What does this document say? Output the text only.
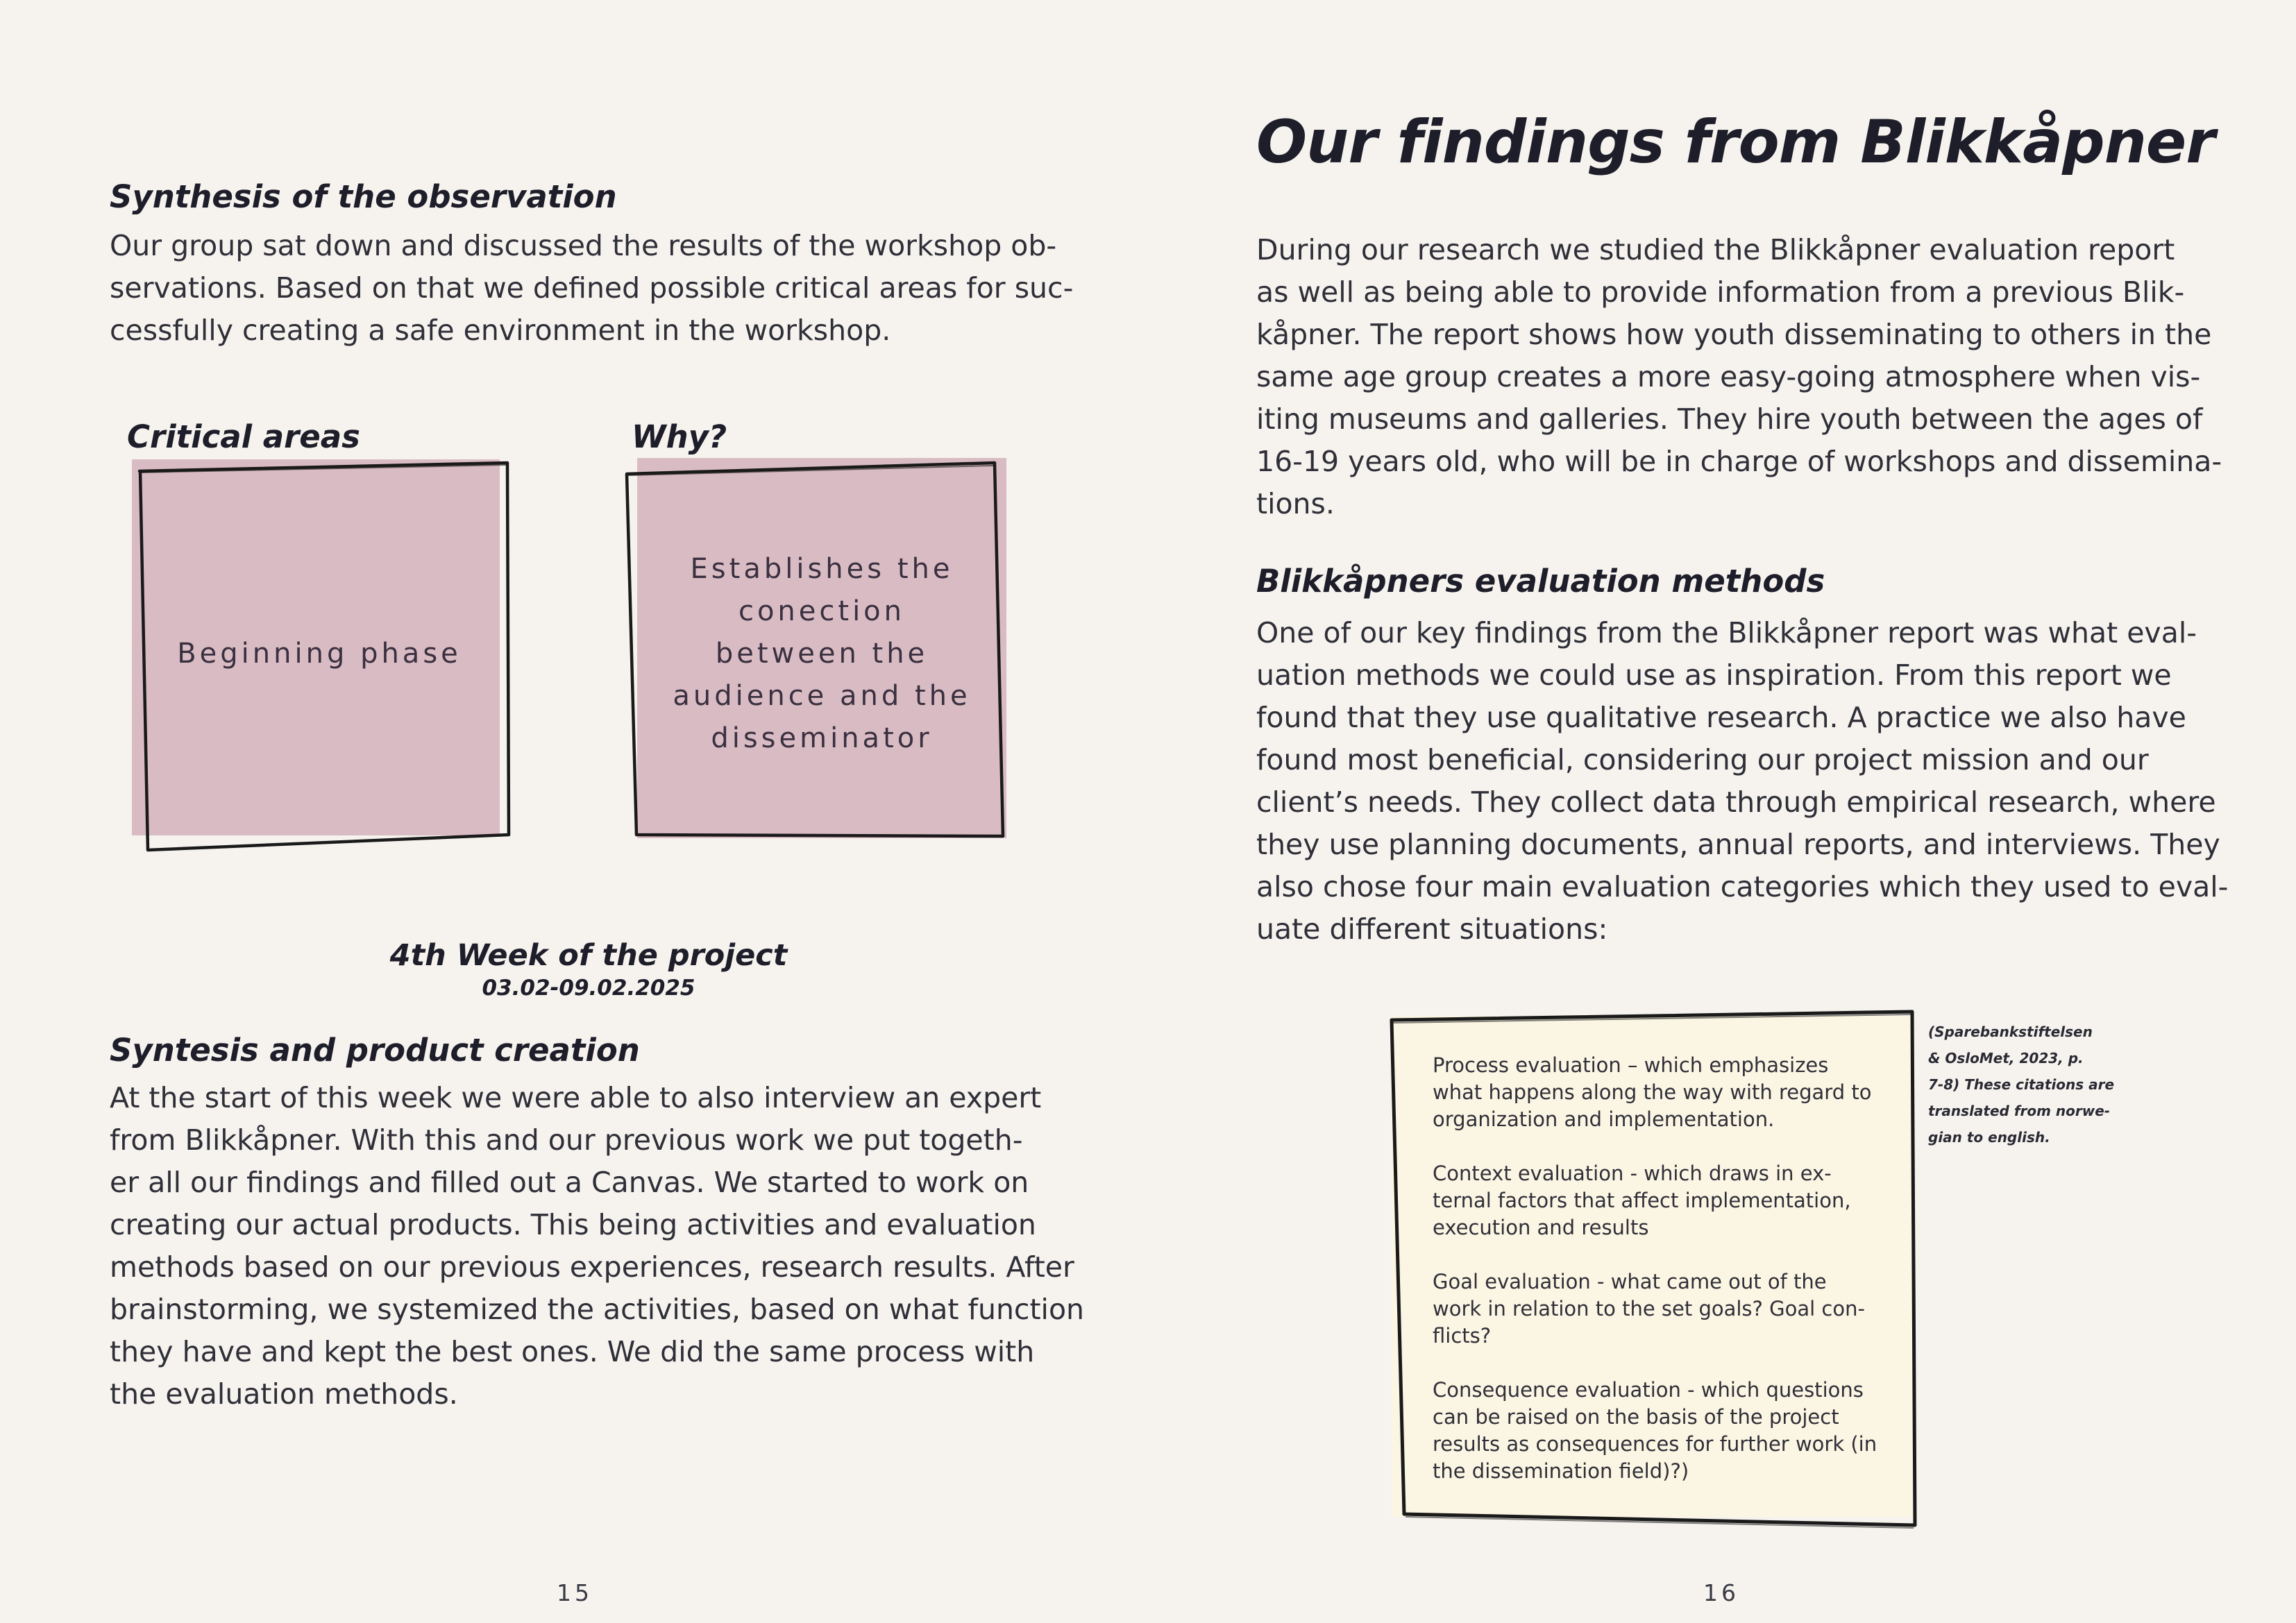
Synthesis of the observation
Our group sat down and discussed the results of the workshop ob-
servations. Based on that we defined possible critical areas for suc-
cessfully creating a safe environment in the workshop.
Critical areas
Beginning phase
Why?
Establishes the
conection
between the
audience and the
disseminator
4th Week of the project
03.02-09.02.2025
Syntesis and product creation
At the start of this week we were able to also interview an expert
from Blikkåpner. With this and our previous work we put togeth-
er all our findings and filled out a Canvas. We started to work on
creating our actual products. This being activities and evaluation
methods based on our previous experiences, research results. After
brainstorming, we systemized the activities, based on what function
they have and kept the best ones. We did the same process with
the evaluation methods.
15
Our findings from Blikkåpner
During our research we studied the Blikkåpner evaluation report
as well as being able to provide information from a previous Blik-
kåpner. The report shows how youth disseminating to others in the
same age group creates a more easy-going atmosphere when vis-
iting museums and galleries. They hire youth between the ages of
16-19 years old, who will be in charge of workshops and dissemina-
tions.
Blikkåpners evaluation methods
One of our key findings from the Blikkåpner report was what eval-
uation methods we could use as inspiration. From this report we
found that they use qualitative research. A practice we also have
found most beneficial, considering our project mission and our
client’s needs. They collect data through empirical research, where
they use planning documents, annual reports, and interviews. They
also chose four main evaluation categories which they used to eval-
uate different situations:
Process evaluation – which emphasizes
what happens along the way with regard to
organization and implementation.
Context evaluation - which draws in ex-
ternal factors that affect implementation,
execution and results
Goal evaluation - what came out of the
work in relation to the set goals? Goal con-
flicts?
Consequence evaluation - which questions
can be raised on the basis of the project
results as consequences for further work (in
the dissemination field)?)
(Sparebankstiftelsen
& OsloMet, 2023, p.
7-8) These citations are
translated from norwe-
gian to english.
16
